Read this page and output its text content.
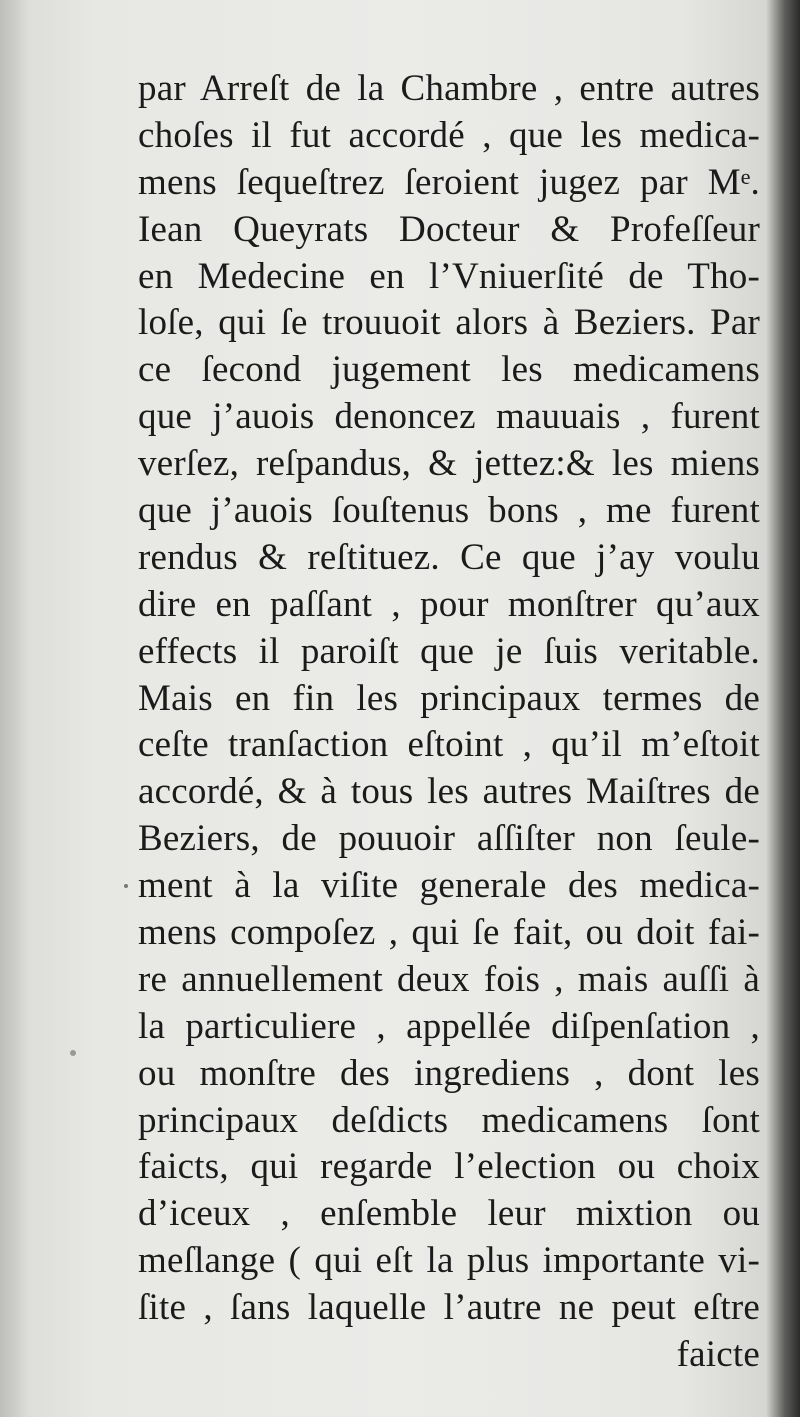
par Arreſt de la Chambre , entre autres
choſes il fut accordé , que les medica-
mens ſequeſtrez ſeroient jugez par Mᵉ.
Iean Queyrats Docteur & Profeſſeur
en Medecine en l’Vniuerſité de Tho-
loſe, qui ſe trouuoit alors à Beziers. Par
ce ſecond jugement les medicamens
que j’auois denoncez mauuais , furent
verſez, reſpandus, & jettez:& les miens
que j’auois ſouſtenus bons , me furent
rendus & reſtituez. Ce que j’ay voulu
dire en paſſant , pour monſtrer qu’aux
effects il paroiſt que je ſuis veritable.
Mais en fin les principaux termes de
ceſte tranſaction eſtoint , qu’il m’eſtoit
accordé, & à tous les autres Maiſtres de
Beziers, de pouuoir aſſiſter non ſeule-
ment à la viſite generale des medica-
mens compoſez , qui ſe fait, ou doit fai-
re annuellement deux fois , mais auſſi à
la particuliere , appellée diſpenſation ,
ou monſtre des ingrediens , dont les
principaux deſdicts medicamens ſont
faicts, qui regarde l’election ou choix
d’iceux , enſemble leur mixtion ou
meſlange ( qui eſt la plus importante vi-
ſite , ſans laquelle l’autre ne peut eſtre
faicte
